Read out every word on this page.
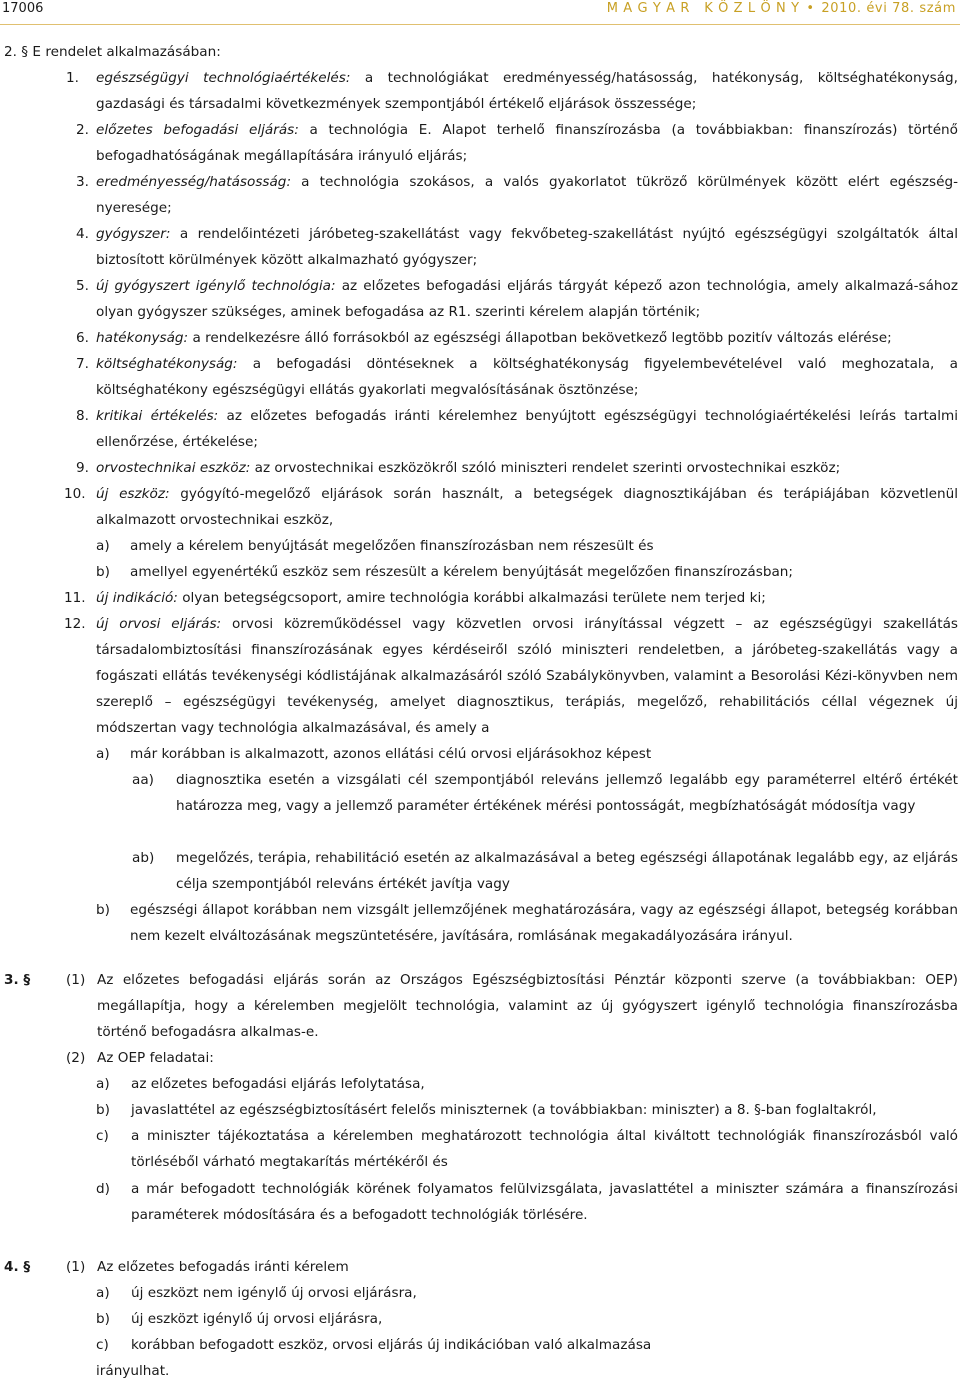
17006	M A G Y A R   K Ö Z L Ö N Y • 2010. évi 78. szám
2. § E rendelet alkalmazásában:
1. egészségügyi technológiaértékelés: a technológiákat eredményesség/hatásosság, hatékonyság, költséghatékonyság, gazdasági és társadalmi következmények szempontjából értékelő eljárások összessége;
2. előzetes befogadási eljárás: a technológia E. Alapot terhelő finanszírozásba (a továbbiakban: finanszírozás) történő befogadhatóságának megállapítására irányuló eljárás;
3. eredményesség/hatásosság: a technológia szokásos, a valós gyakorlatot tükröző körülmények között elért egészség-nyeresége;
4. gyógyszer: a rendelőintézeti járóbeteg-szakellátást vagy fekvőbeteg-szakellátást nyújtó egészségügyi szolgáltatók által biztosított körülmények között alkalmazható gyógyszer;
5. új gyógyszert igénylő technológia: az előzetes befogadási eljárás tárgyát képező azon technológia, amely alkalmazá-sához olyan gyógyszer szükséges, aminek befogadása az R1. szerinti kérelem alapján történik;
6. hatékonyság: a rendelkezésre álló forrásokból az egészségi állapotban bekövetkező legtöbb pozitív változás elérése;
7. költséghatékonyság: a befogadási döntéseknek a költséghatékonyság figyelembevételével való meghozatala, a költséghatékony egészségügyi ellátás gyakorlati megvalósításának ösztönzése;
8. kritikai értékelés: az előzetes befogadás iránti kérelemhez benyújtott egészségügyi technológiaértékelési leírás tartalmi ellenőrzése, értékelése;
9. orvostechnikai eszköz: az orvostechnikai eszközökről szóló miniszteri rendelet szerinti orvostechnikai eszköz;
10. új eszköz: gyógyító-megelőző eljárások során használt, a betegségek diagnosztikájában és terápiájában közvetlenül alkalmazott orvostechnikai eszköz,
a) amely a kérelem benyújtását megelőzően finanszírozásban nem részesült és
b) amellyel egyenértékű eszköz sem részesült a kérelem benyújtását megelőzően finanszírozásban;
11. új indikáció: olyan betegségcsoport, amire technológia korábbi alkalmazási területe nem terjed ki;
12. új orvosi eljárás: orvosi közreműködéssel vagy közvetlen orvosi irányítással végzett – az egészségügyi szakellátás társadalombiztosítási finanszírozásának egyes kérdéseiről szóló miniszteri rendeletben, a járóbeteg-szakellátás vagy a fogászati ellátás tevékenységi kódlistájának alkalmazásáról szóló Szabálykönyvben, valamint a Besorolási Kézi-könyvben nem szereplő – egészségügyi tevékenység, amelyet diagnosztikus, terápiás, megelőző, rehabilitációs céllal végeznek új módszertan vagy technológia alkalmazásával, és amely a
a) már korábban is alkalmazott, azonos ellátási célú orvosi eljárásokhoz képest
aa) diagnosztika esetén a vizsgálati cél szempontjából releváns jellemző legalább egy paraméterrel eltérő értékét határozza meg, vagy a jellemző paraméter értékének mérési pontosságát, megbízhatóságát módosítja vagy
ab) megelőzés, terápia, rehabilitáció esetén az alkalmazásával a beteg egészségi állapotának legalább egy, az eljárás célja szempontjából releváns értékét javítja vagy
b) egészségi állapot korábban nem vizsgált jellemzőjének meghatározására, vagy az egészségi állapot, betegség korábban nem kezelt elváltozásának megszüntetésére, javítására, romlásának megakadályozására irányul.
3. §	(1) Az előzetes befogadási eljárás során az Országos Egészségbiztosítási Pénztár központi szerve (a továbbiakban: OEP) megállapítja, hogy a kérelemben megjelölt technológia, valamint az új gyógyszert igénylő technológia finanszírozásba történő befogadásra alkalmas-e.
(2) Az OEP feladatai:
a) az előzetes befogadási eljárás lefolytatása,
b) javaslattétel az egészségbiztosításért felelős miniszternek (a továbbiakban: miniszter) a 8. §-ban foglaltakról,
c) a miniszter tájékoztatása a kérelemben meghatározott technológia által kiváltott technológiák finanszírozásból való törléséből várható megtakarítás mértékéről és
d) a már befogadott technológiák körének folyamatos felülvizsgálata, javaslattétel a miniszter számára a finanszírozási paraméterek módosítására és a befogadott technológiák törlésére.
4. §	(1) Az előzetes befogadás iránti kérelem
a) új eszközt nem igénylő új orvosi eljárásra,
b) új eszközt igénylő új orvosi eljárásra,
c) korábban befogadott eszköz, orvosi eljárás új indikációban való alkalmazása
irányulhat.
